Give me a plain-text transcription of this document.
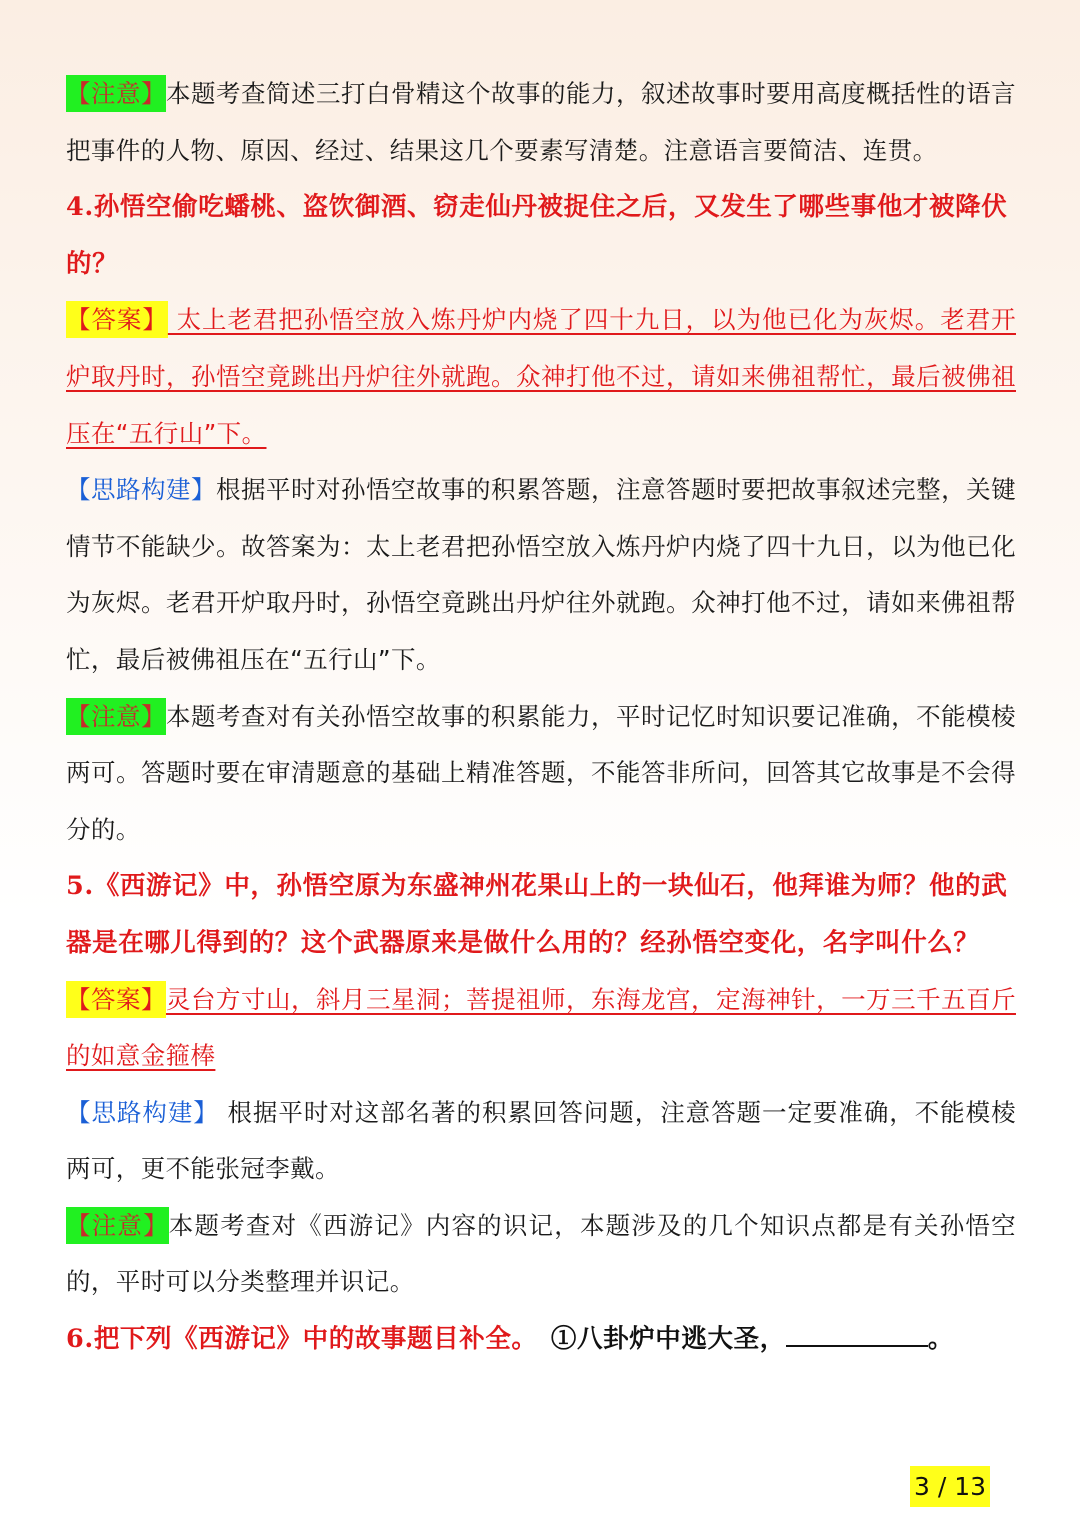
【注意】本题考查简述三打白骨精这个故事的能力，叙述故事时要用高度概括性的语言把事件的人物、原因、经过、结果这几个要素写清楚。注意语言要简洁、连贯。

4.孙悟空偷吃蟠桃、盗饮御酒、窃走仙丹被捉住之后，又发生了哪些事他才被降伏的？

【答案】 太上老君把孙悟空放入炼丹炉内烧了四十九日，以为他已化为灰烬。老君开炉取丹时，孙悟空竟跳出丹炉往外就跑。众神打他不过，请如来佛祖帮忙，最后被佛祖压在“五行山”下。

【思路构建】根据平时对孙悟空故事的积累答题，注意答题时要把故事叙述完整，关键情节不能缺少。故答案为：太上老君把孙悟空放入炼丹炉内烧了四十九日，以为他已化为灰烬。老君开炉取丹时，孙悟空竟跳出丹炉往外就跑。众神打他不过，请如来佛祖帮忙，最后被佛祖压在“五行山”下。

【注意】本题考查对有关孙悟空故事的积累能力，平时记忆时知识要记准确，不能模棱两可。答题时要在审清题意的基础上精准答题，不能答非所问，回答其它故事是不会得分的。

5.《西游记》中，孙悟空原为东盛神州花果山上的一块仙石，他拜谁为师？他的武器是在哪儿得到的？这个武器原来是做什么用的？经孙悟空变化，名字叫什么？

【答案】灵台方寸山，斜月三星洞；菩提祖师，东海龙宫，定海神针，一万三千五百斤的如意金箍棒

【思路构建】 根据平时对这部名著的积累回答问题，注意答题一定要准确，不能模棱两可，更不能张冠李戴。

【注意】本题考查对《西游记》内容的识记，本题涉及的几个知识点都是有关孙悟空的，平时可以分类整理并识记。

6.把下列《西游记》中的故事题目补全。　 ①八卦炉中逃大圣，	。

3 / 13
